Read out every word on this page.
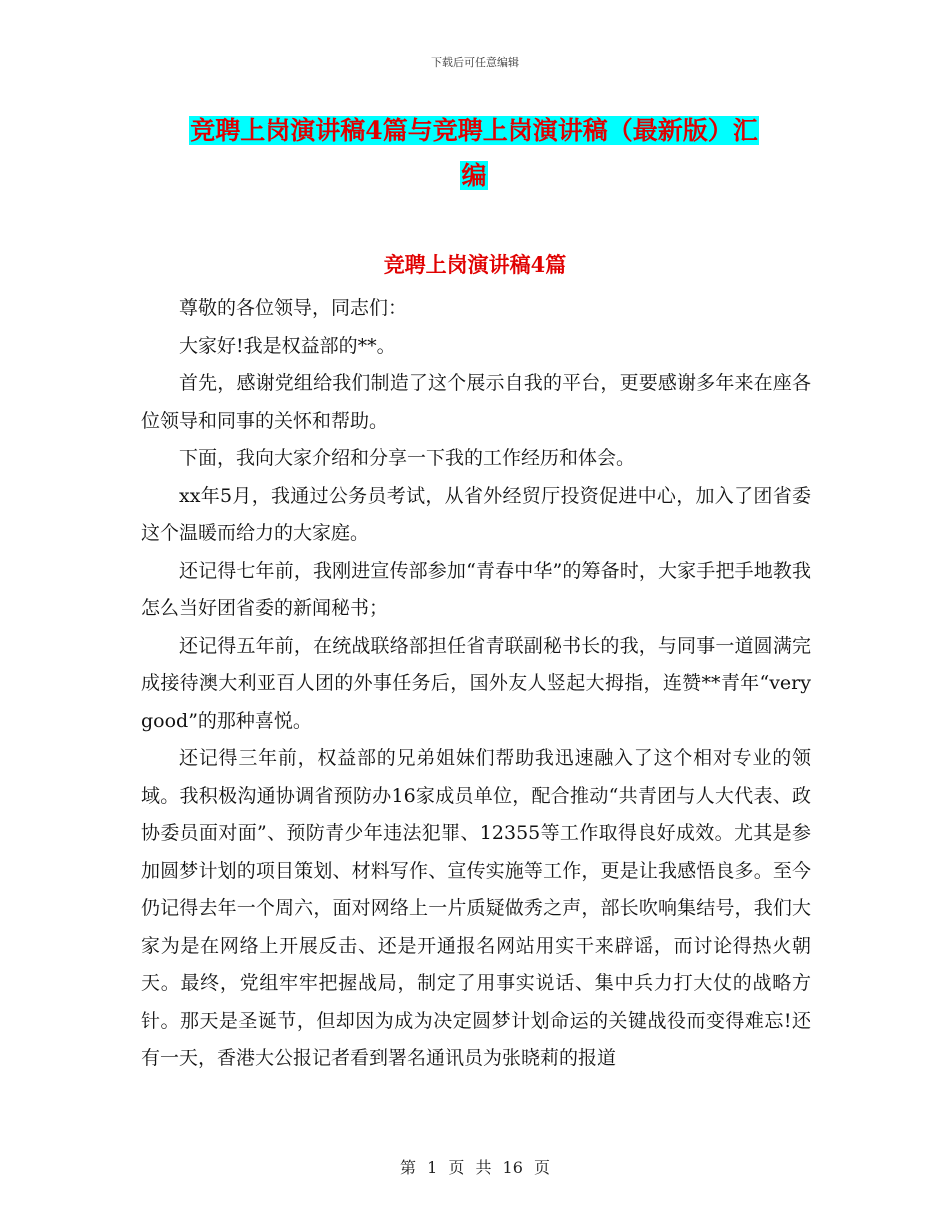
下载后可任意编辑
竞聘上岗演讲稿4篇与竞聘上岗演讲稿（最新版）汇
编
竞聘上岗演讲稿4篇

尊敬的各位领导，同志们：

大家好!我是权益部的**。

首先，感谢党组给我们制造了这个展示自我的平台，更要感谢多年来在座各位领导和同事的关怀和帮助。

下面，我向大家介绍和分享一下我的工作经历和体会。

xx年5月，我通过公务员考试，从省外经贸厅投资促进中心，加入了团省委这个温暖而给力的大家庭。

还记得七年前，我刚进宣传部参加“青春中华”的筹备时，大家手把手地教我怎么当好团省委的新闻秘书；

还记得五年前，在统战联络部担任省青联副秘书长的我，与同事一道圆满完成接待澳大利亚百人团的外事任务后，国外友人竖起大拇指，连赞**青年“very good”的那种喜悦。

还记得三年前，权益部的兄弟姐妹们帮助我迅速融入了这个相对专业的领域。我积极沟通协调省预防办16家成员单位，配合推动“共青团与人大代表、政协委员面对面”、预防青少年违法犯罪、12355等工作取得良好成效。尤其是参加圆梦计划的项目策划、材料写作、宣传实施等工作，更是让我感悟良多。至今仍记得去年一个周六，面对网络上一片质疑做秀之声，部长吹响集结号，我们大家为是在网络上开展反击、还是开通报名网站用实干来辟谣，而讨论得热火朝天。最终，党组牢牢把握战局，制定了用事实说话、集中兵力打大仗的战略方针。那天是圣诞节，但却因为成为决定圆梦计划命运的关键战役而变得难忘!还有一天，香港大公报记者看到署名通讯员为张晓莉的报道

第 1 页 共 16 页
